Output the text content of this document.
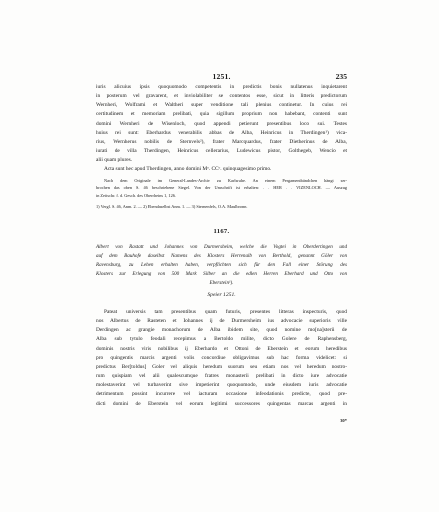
1251.	235

iuris alicuius ipsis quoquomodo competentis in predictis bonis nullatenus inquietarent
in posterum vel gravarent, et inviolabiliter se contentos esse, sicut in litteris predictorum
Wernheri, Wolframi et Waltheri super venditione tali plenius continetur. In cuius rei
certitudinem et memoriam prelibati, quia sigillum proprium non habebant, contenti sunt
domini Wernheri de Wisenloch, quod appendi petierunt presentibus loco sui. Testes
huius rei sunt: Eberhardus venerabilis abbas de Alba, Heinricus in Therdingen¹) vica-
rius, Wernherus nobilis de Sternvels²), frater Marcquardus, frater Dietherinus de Alba,
iurati de villa Therdingen, Heinricus cellerarius, Ludewicus pistor, Golthegeb, Wencio et
alii quam plures.
Acta sunt hec apud Therdingen, anno domini Mᵒ. CCᵒ. quinquagesimo primo.

Nach dem Originale im General-Landes-Archiv zu Karlsruhe. An einem Pergamentbändchen hängt ser-
brochen das oben S. 46 beschriebene Siegel. Von der Umschrift ist erhalten: . . HER . . VIZENLOCH. — Auszug
in Zeitschr. f. d. Gesch. des Oberrheins 1, 126.

1) Vergl. S. 46, Anm. 2. — 2) Ebendaselbst Anm. 1. — 3) Sternenfels, O.A. Maulbronn.

1167.

Albert von Rastatt und Johannes von Durmersheim, welche die Vogtei in Oberdertingen und
auf dem Bauhofe daselbst Namens des Klosters Herrenalb von Berthold, genannt Göler von
Ravensburg, zu Lehen erhalten haben, verpflichten sich für den Fall einer Störung des
Klosters zur Erlegung von 500 Mark Silber an die edlen Herren Eberhard und Otto von
Eberstein¹).

Speier 1251.

Pateat universis tam presentibus quam futuris, presentes litteras inspecturis, quod
nos Albertus de Rasteten et Iohannes ij de Durmersheim ius advocacie superioris ville
Derdingen ac grangie monachorum de Alba ibidem site, quod nomine mo[na]sterii de
Alba sub tytulo feodali recepimus a Bertoldo milite, dicto Golere de Raphensberg,
dominis nostris viris nobilibus ij Eberhardo et Ottoni de Eberstein et eorum heredibus
pro quingentis marcis argenti volis concordiue obligavimus sub hac forma videlicet: si
predictus Ber[toldus] Goler vel aliquis heredum suorum seu etiam nos vel heredum nostro-
rum quispiam vel alii qualescumque fratres monasterii prelibati in dicto iure advocatie
molestaverint vel turbaverint sive impetierint quoquomodo, unde eiusdem iuris advocatie
detrimentum possint incurrere vel iacturam occasione infeodationis predicte, quod pre-
dicti domini de Eberstein vel eorum legitimi successores quingentas marcas argenti in

30*
